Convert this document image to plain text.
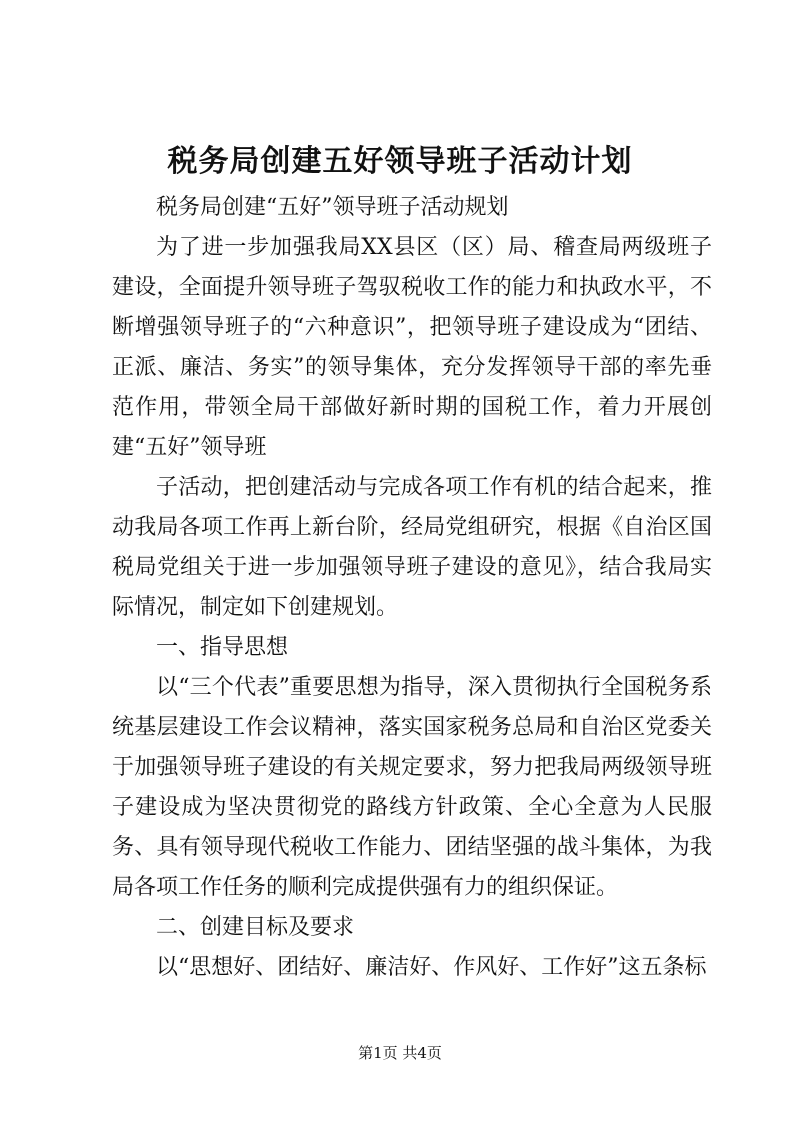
税务局创建五好领导班子活动计划

税务局创建“五好”领导班子活动规划

为了进一步加强我局XX县区（区）局、稽查局两级班子建设，全面提升领导班子驾驭税收工作的能力和执政水平，不断增强领导班子的“六种意识”，把领导班子建设成为“团结、正派、廉洁、务实”的领导集体，充分发挥领导干部的率先垂范作用，带领全局干部做好新时期的国税工作，着力开展创建“五好”领导班

子活动，把创建活动与完成各项工作有机的结合起来，推动我局各项工作再上新台阶，经局党组研究，根据《自治区国税局党组关于进一步加强领导班子建设的意见》，结合我局实际情况，制定如下创建规划。

一、指导思想

以“三个代表”重要思想为指导，深入贯彻执行全国税务系统基层建设工作会议精神，落实国家税务总局和自治区党委关于加强领导班子建设的有关规定要求，努力把我局两级领导班子建设成为坚决贯彻党的路线方针政策、全心全意为人民服务、具有领导现代税收工作能力、团结坚强的战斗集体，为我局各项工作任务的顺利完成提供强有力的组织保证。

二、创建目标及要求

以“思想好、团结好、廉洁好、作风好、工作好”这五条标

第1页 共4页
